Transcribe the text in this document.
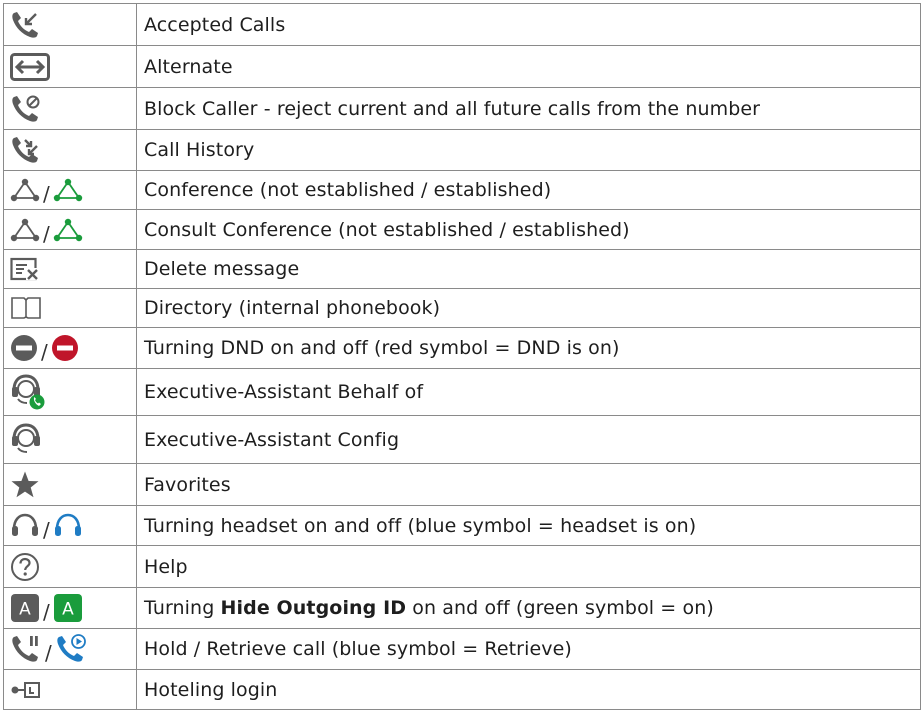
	Accepted Calls

	Alternate

	Block Caller - reject current and all future calls from the number

	Call History

/	Conference (not established / established)

/	Consult Conference (not established / established)

	Delete message

	Directory (internal phonebook)

/	Turning DND on and off (red symbol = DND is on)

	Executive-Assistant Behalf of

	Executive-Assistant Config

	Favorites

/	Turning headset on and off (blue symbol = headset is on)

	Help

A / A	Turning Hide Outgoing ID on and off (green symbol = on)

/	Hold / Retrieve call (blue symbol = Retrieve)

	Hoteling login
